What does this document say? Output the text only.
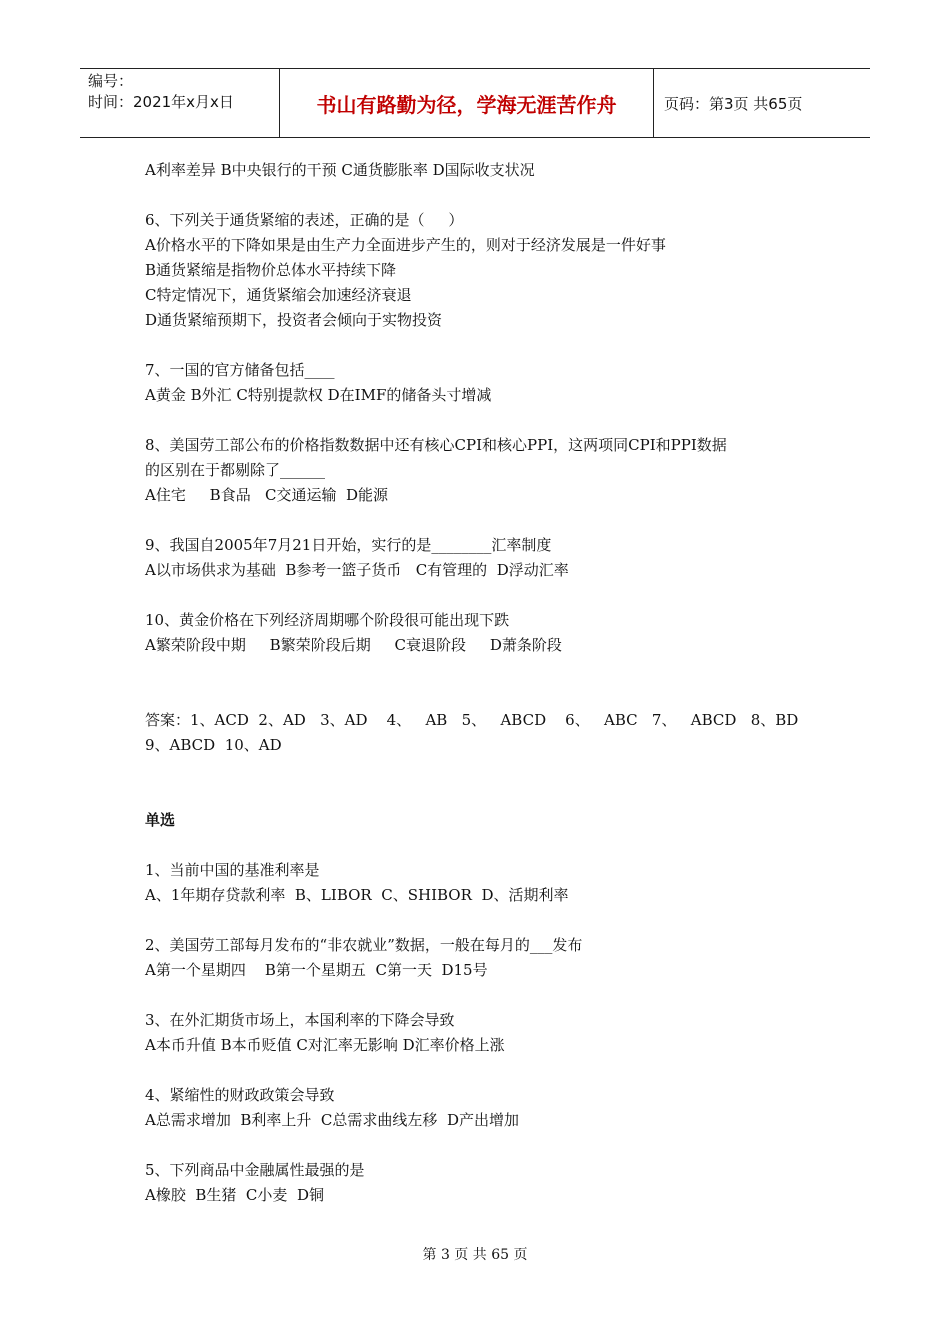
编号：
时间：2021年x月x日	书山有路勤为径，学海无涯苦作舟	页码：第3页 共65页

A利率差异 B中央银行的干预 C通货膨胀率 D国际收支状况

6、下列关于通货紧缩的表述，正确的是（     ）

A价格水平的下降如果是由生产力全面进步产生的，则对于经济发展是一件好事

B通货紧缩是指物价总体水平持续下降

C特定情况下，通货紧缩会加速经济衰退

D通货紧缩预期下，投资者会倾向于实物投资

7、一国的官方储备包括____

A黄金 B外汇 C特别提款权 D在IMF的储备头寸增减

8、美国劳工部公布的价格指数数据中还有核心CPI和核心PPI，这两项同CPI和PPI数据

的区别在于都剔除了______

A住宅     B食品   C交通运输  D能源

9、我国自2005年7月21日开始，实行的是________汇率制度

A以市场供求为基础  B参考一篮子货币   C有管理的  D浮动汇率

10、黄金价格在下列经济周期哪个阶段很可能出现下跌

A繁荣阶段中期     B繁荣阶段后期     C衰退阶段     D萧条阶段

答案：1、ACD  2、AD   3、AD    4、   AB   5、   ABCD    6、   ABC   7、   ABCD   8、BD

9、ABCD  10、AD

单选

1、当前中国的基准利率是

A、1年期存贷款利率  B、LIBOR  C、SHIBOR  D、活期利率

2、美国劳工部每月发布的“非农就业”数据，一般在每月的___发布

A第一个星期四    B第一个星期五  C第一天  D15号

3、在外汇期货市场上，本国利率的下降会导致

A本币升值 B本币贬值 C对汇率无影响 D汇率价格上涨

4、紧缩性的财政政策会导致

A总需求增加  B利率上升  C总需求曲线左移  D产出增加

5、下列商品中金融属性最强的是

A橡胶  B生猪  C小麦  D铜

第 3 页 共 65 页
